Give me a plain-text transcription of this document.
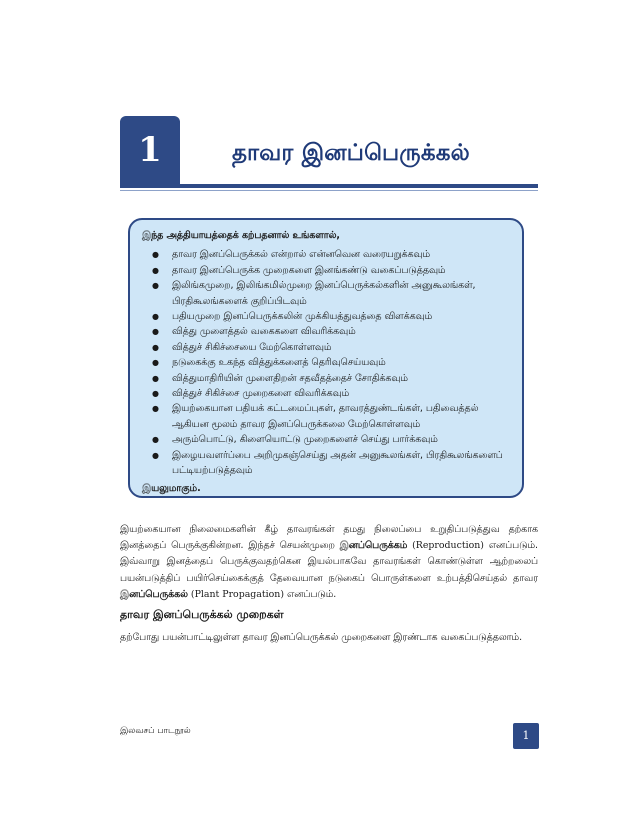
1	தாவர இனப்பெருக்கல்
இந்த அத்தியாயத்தைக் கற்பதனால் உங்களால்,
● தாவர இனப்பெருக்கல் என்றால் என்னவென வரையறுக்கவும்
● தாவர இனப்பெருக்க முறைகளை இனங்கண்டு வகைப்படுத்தவும்
● இலிங்கமுறை, இலிங்கமில்முறை இனப்பெருக்கல்களின் அனுகூலங்கள், பிரதிகூலங்களைக் குறிப்பிடவும்
● பதியமுறை இனப்பெருக்கலின் முக்கியத்துவத்தை விளக்கவும்
● வித்து முளைத்தல் வகைகளை விவரிக்கவும்
● வித்துச் சிகிச்சையை மேற்கொள்ளவும்
● நடுகைக்கு உகந்த வித்துக்களைத் தெரிவுசெய்யவும்
● வித்துமாதிரியின் முளைதிறன் சதவீதத்தைச் சோதிக்கவும்
● வித்துச் சிகிச்சை முறைகளை விவரிக்கவும்
● இயற்கையான பதியக் கட்டமைப்புகள், தாவரத்துண்டங்கள், பதிவைத்தல் ஆகியன மூலம் தாவர இனப்பெருக்கலை மேற்கொள்ளவும்
● அரும்பொட்டு, கிளையொட்டு முறைகளைச் செய்து பார்க்கவும்
● இழையவளர்ப்பை அறிமுகஞ்செய்து அதன் அனுகூலங்கள், பிரதிகூலங்களைப் பட்டியற்படுத்தவும்
இயலுமாகும்.

இயற்கையான நிலைமைகளின் கீழ் தாவரங்கள் தமது நிலைப்பை உறுதிப்படுத்துவ தற்காக இனத்தைப் பெருக்குகின்றன. இந்தச் செயன்முறை இனப்பெருக்கம் (Reproduction) எனப்படும். இவ்வாறு இனத்தைப் பெருக்குவதற்கென இயல்பாகவே தாவரங்கள் கொண்டுள்ள ஆற்றலைப் பயன்படுத்திப் பயிர்செய்கைக்குத் தேவையான நடுகைப் பொருள்களை உற்பத்திசெய்தல் தாவர இனப்பெருக்கல் (Plant Propagation) எனப்படும்.

தாவர இனப்பெருக்கல் முறைகள்

தற்போது பயன்பாட்டிலுள்ள தாவர இனப்பெருக்கல் முறைகளை இரண்டாக வகைப்படுத்தலாம்.

இலவசப் பாடநூல்	1
